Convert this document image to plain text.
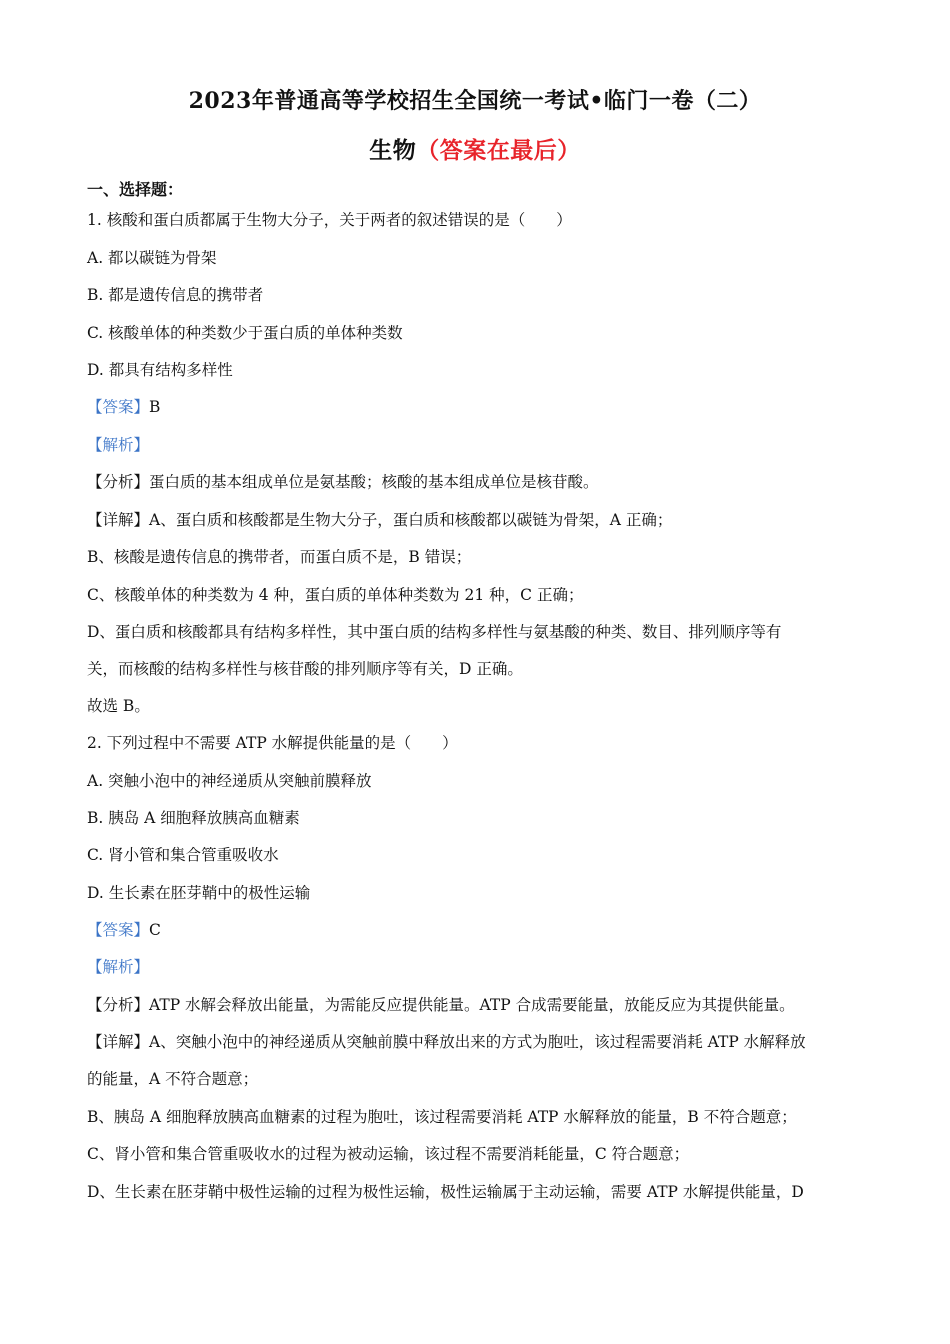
2023年普通高等学校招生全国统一考试•临门一卷（二）
生物（答案在最后）
一、选择题：
1. 核酸和蛋白质都属于生物大分子，关于两者的叙述错误的是（　　）
A. 都以碳链为骨架
B. 都是遗传信息的携带者
C. 核酸单体的种类数少于蛋白质的单体种类数
D. 都具有结构多样性
【答案】B
【解析】
【分析】蛋白质的基本组成单位是氨基酸；核酸的基本组成单位是核苷酸。
【详解】A、蛋白质和核酸都是生物大分子，蛋白质和核酸都以碳链为骨架，A 正确；
B、核酸是遗传信息的携带者，而蛋白质不是，B 错误；
C、核酸单体的种类数为 4 种，蛋白质的单体种类数为 21 种，C 正确；
D、蛋白质和核酸都具有结构多样性，其中蛋白质的结构多样性与氨基酸的种类、数目、排列顺序等有
关，而核酸的结构多样性与核苷酸的排列顺序等有关，D 正确。
故选 B。
2. 下列过程中不需要 ATP 水解提供能量的是（　　）
A. 突触小泡中的神经递质从突触前膜释放
B. 胰岛 A 细胞释放胰高血糖素
C. 肾小管和集合管重吸收水
D. 生长素在胚芽鞘中的极性运输
【答案】C
【解析】
【分析】ATP 水解会释放出能量，为需能反应提供能量。ATP 合成需要能量，放能反应为其提供能量。
【详解】A、突触小泡中的神经递质从突触前膜中释放出来的方式为胞吐，该过程需要消耗 ATP 水解释放
的能量，A 不符合题意；
B、胰岛 A 细胞释放胰高血糖素的过程为胞吐，该过程需要消耗 ATP 水解释放的能量，B 不符合题意；
C、肾小管和集合管重吸收水的过程为被动运输，该过程不需要消耗能量，C 符合题意；
D、生长素在胚芽鞘中极性运输的过程为极性运输，极性运输属于主动运输，需要 ATP 水解提供能量，D
